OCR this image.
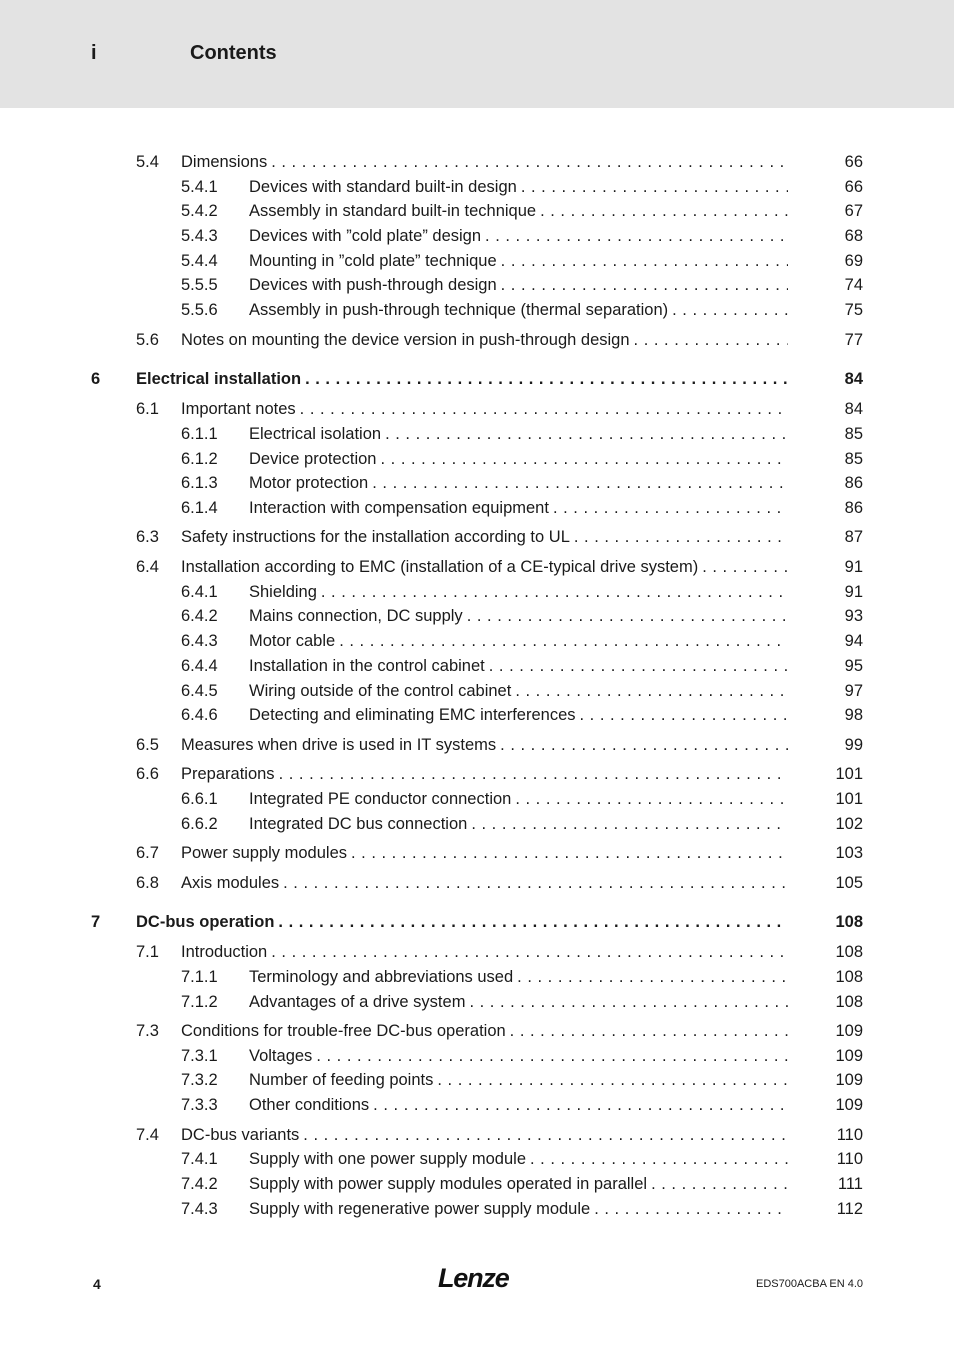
i	Contents
5.4 Dimensions . . .	66
5.4.1 Devices with standard built-in design . . .	66
5.4.2 Assembly in standard built-in technique . . .	67
5.4.3 Devices with ”cold plate” design . . .	68
5.4.4 Mounting in ”cold plate” technique . . .	69
5.5.5 Devices with push-through design . . .	74
5.5.6 Assembly in push-through technique (thermal separation) . . .	75
5.6 Notes on mounting the device version in push-through design . . .	77
6 Electrical installation . . .	84
6.1 Important notes . . .	84
6.1.1 Electrical isolation . . .	85
6.1.2 Device protection . . .	85
6.1.3 Motor protection . . .	86
6.1.4 Interaction with compensation equipment . . .	86
6.3 Safety instructions for the installation according to UL . . .	87
6.4 Installation according to EMC (installation of a CE-typical drive system) . . .	91
6.4.1 Shielding . . .	91
6.4.2 Mains connection, DC supply . . .	93
6.4.3 Motor cable . . .	94
6.4.4 Installation in the control cabinet . . .	95
6.4.5 Wiring outside of the control cabinet . . .	97
6.4.6 Detecting and eliminating EMC interferences . . .	98
6.5 Measures when drive is used in IT systems . . .	99
6.6 Preparations . . .	101
6.6.1 Integrated PE conductor connection . . .	101
6.6.2 Integrated DC bus connection . . .	102
6.7 Power supply modules . . .	103
6.8 Axis modules . . .	105
7 DC-bus operation . . .	108
7.1 Introduction . . .	108
7.1.1 Terminology and abbreviations used . . .	108
7.1.2 Advantages of a drive system . . .	108
7.3 Conditions for trouble-free DC-bus operation . . .	109
7.3.1 Voltages . . .	109
7.3.2 Number of feeding points . . .	109
7.3.3 Other conditions . . .	109
7.4 DC-bus variants . . .	110
7.4.1 Supply with one power supply module . . .	110
7.4.2 Supply with power supply modules operated in parallel . . .	111
7.4.3 Supply with regenerative power supply module . . .	112
4	Lenze	EDS700ACBA EN 4.0
